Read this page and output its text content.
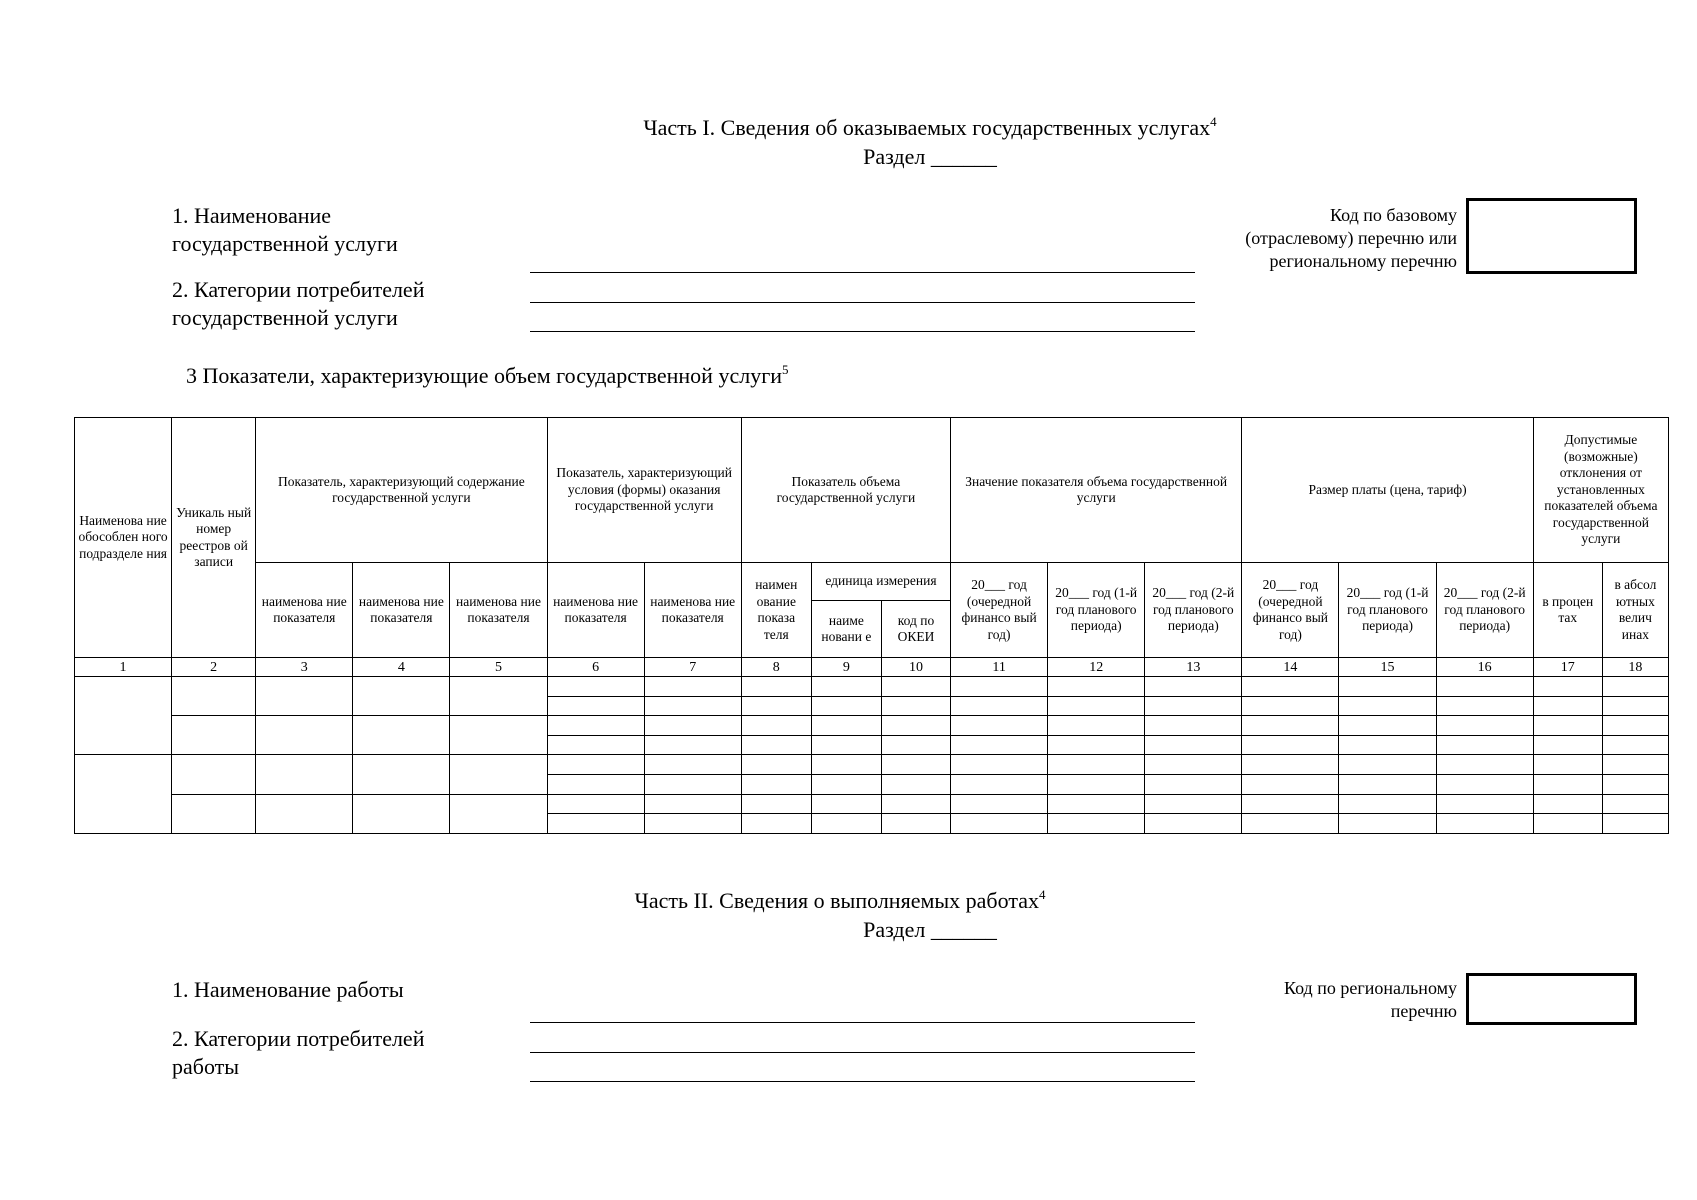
Часть I. Сведения об оказываемых государственных услугах$^4$
Раздел ______
1. Наименование
государственной услуги
2. Категории потребителей
государственной услуги
Код по базовому
(отраслевому) перечню или
региональному перечню
3 Показатели, характеризующие объем государственной услуги$^5$
Наименова ние обособлен ного подразделе ния	Уникаль ный номер реестров ой записи	Показатель, характеризующий содержание государственной услуги			Показатель, характеризующий условия (формы) оказания государственной услуги		Показатель объема государственной услуги			Значение показателя объема государственной услуги			Размер платы (цена, тариф)			Допустимые (возможные) отклонения от установленных показателей объема государственной услуги	
		наименова ние показателя	наименова ние показателя	наименова ние показателя	наименова ние показателя	наименова ние показателя	наимен ование показа теля	единица измерения		20___ год (очередной финансо вый год)	20___ год (1-й год планового периода)	20___ год (2-й год планового периода)	20___ год (очередной финансо вый год)	20___ год (1-й год планового периода)	20___ год (2-й год планового периода)	в процен тах	в абсол ютных велич инах
								наиме новани е	код по ОКЕИ								
1	2	3	4	5	6	7	8	9	10	11	12	13	14	15	16	17	18

Часть II. Сведения о выполняемых работах$^4$
Раздел ______
1. Наименование работы
2. Категории потребителей
работы
Код по региональному
перечню
